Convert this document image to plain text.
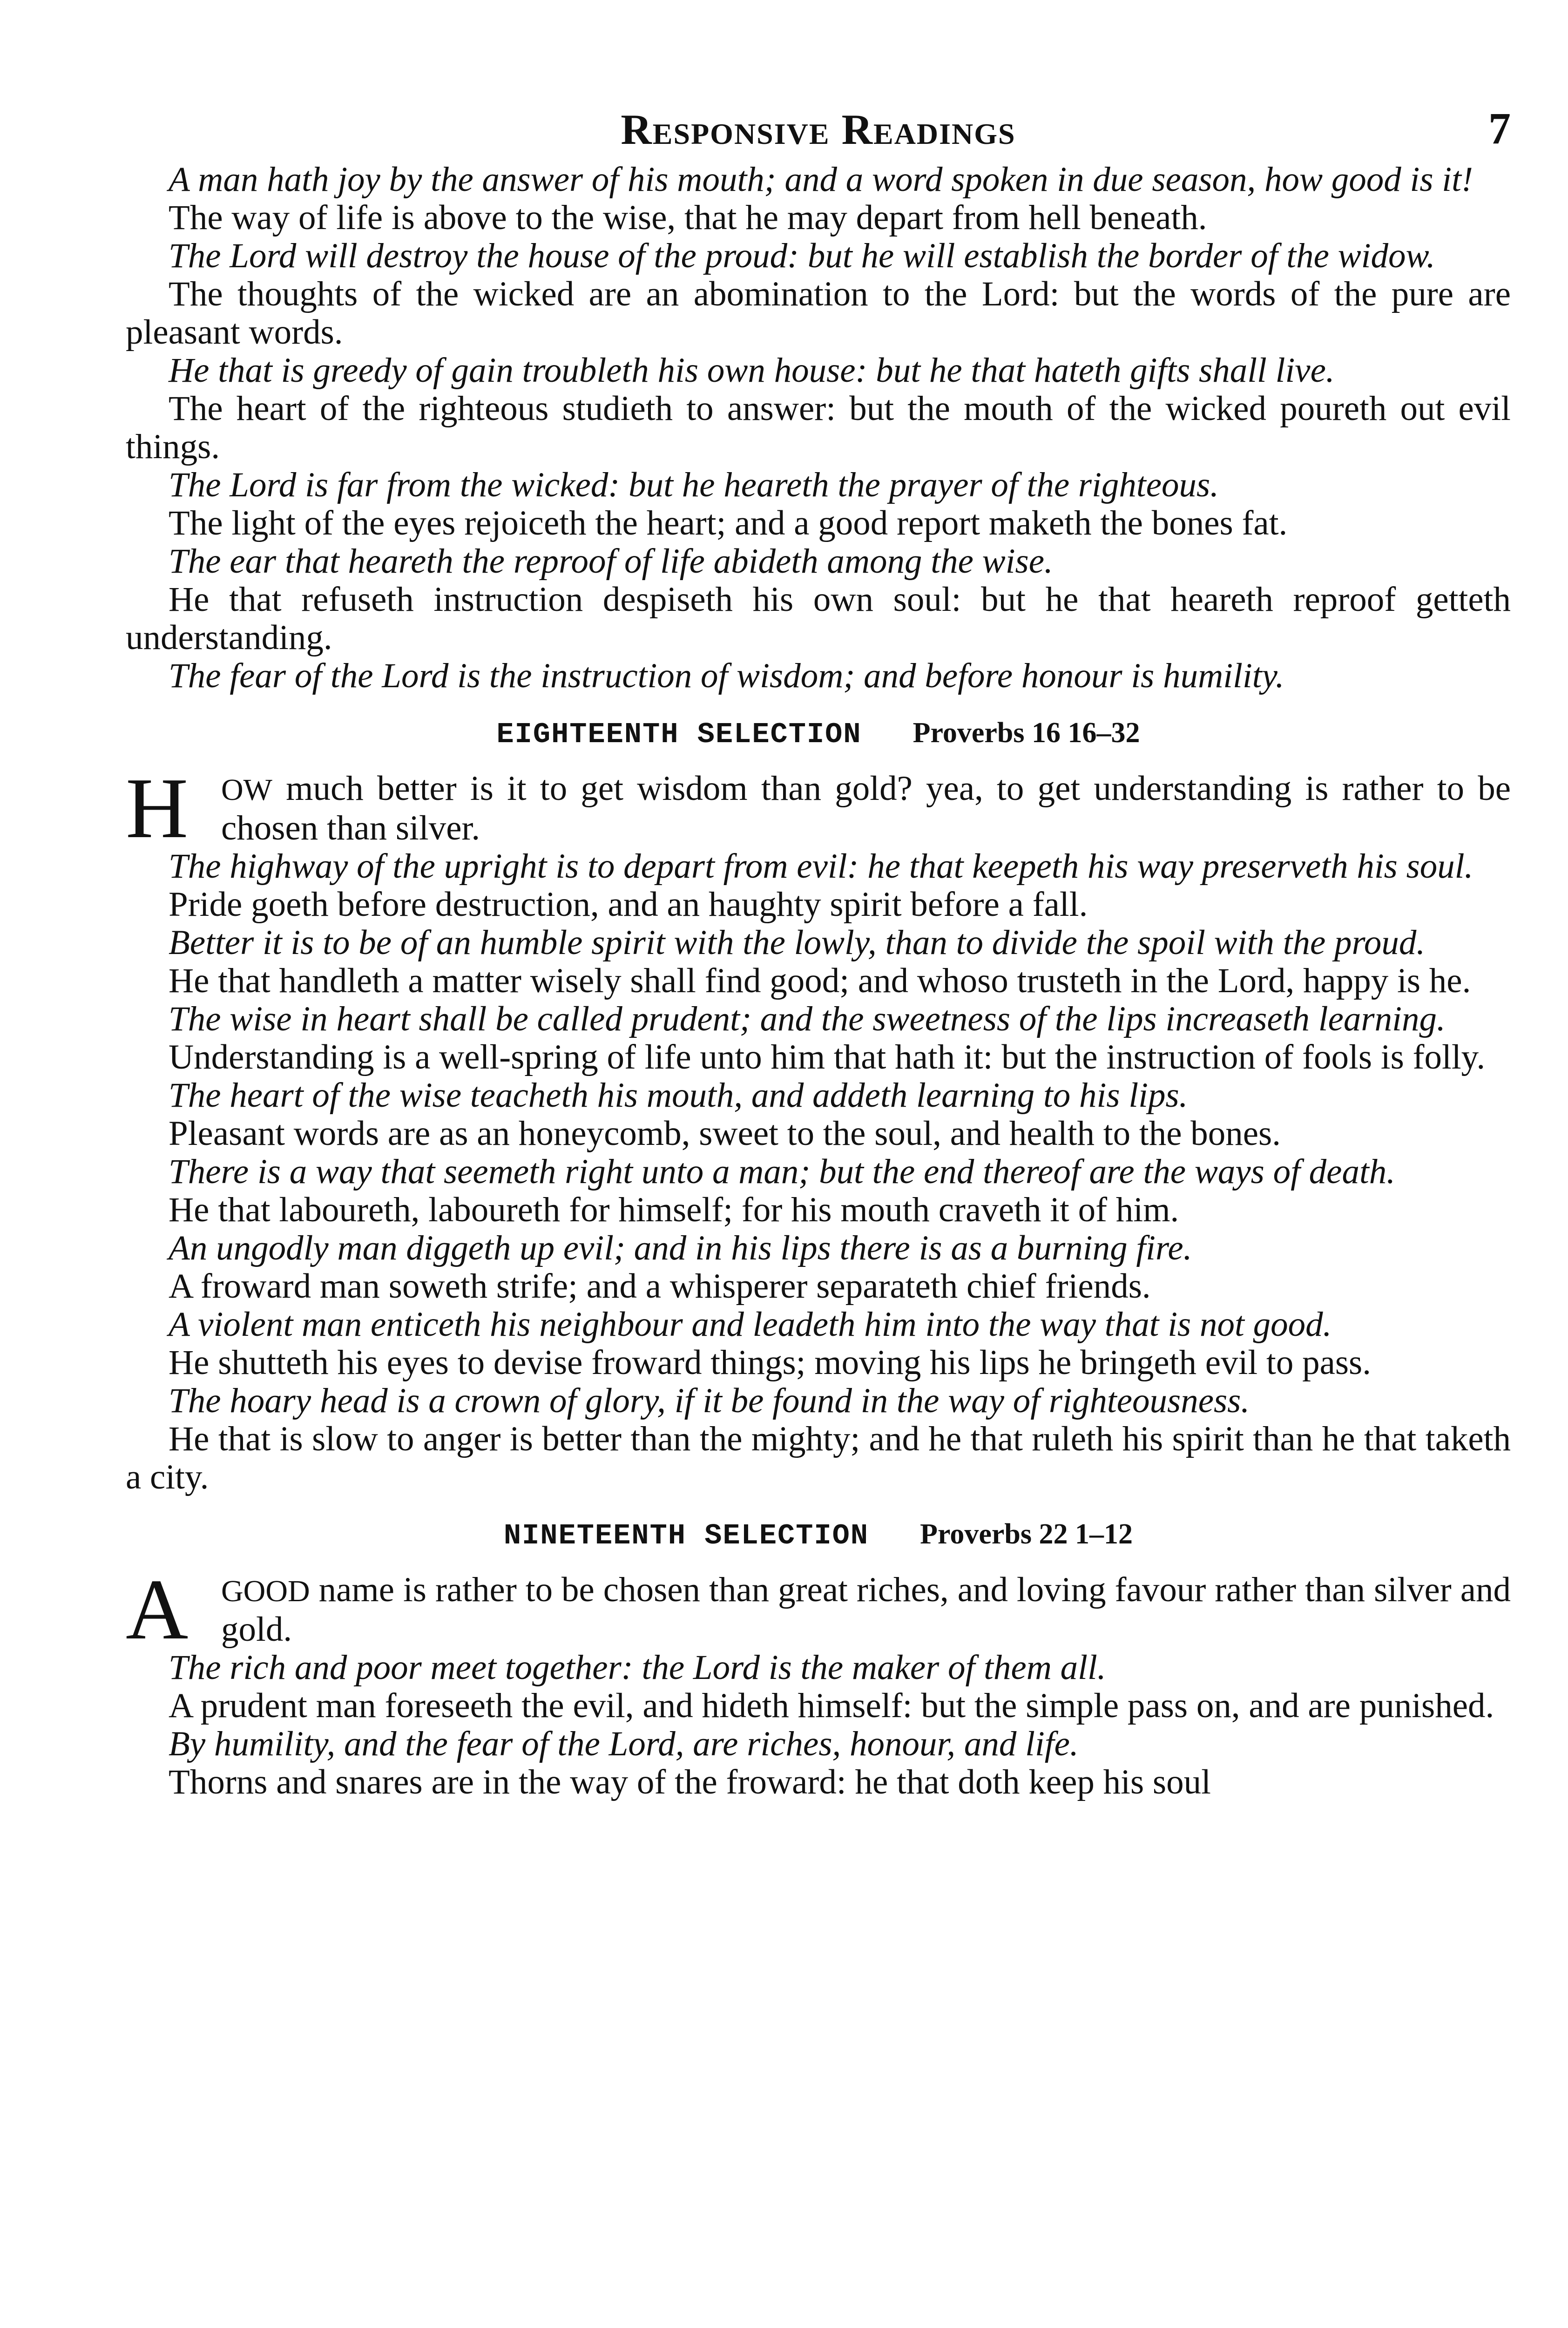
Responsive Readings	7

A man hath joy by the answer of his mouth; and a word spoken in due season, how good is it!

The way of life is above to the wise, that he may depart from hell beneath.

The Lord will destroy the house of the proud: but he will establish the border of the widow.

The thoughts of the wicked are an abomination to the Lord: but the words of the pure are pleasant words.

He that is greedy of gain troubleth his own house: but he that hateth gifts shall live.

The heart of the righteous studieth to answer: but the mouth of the wicked poureth out evil things.

The Lord is far from the wicked: but he heareth the prayer of the righteous.

The light of the eyes rejoiceth the heart; and a good report maketh the bones fat.

The ear that heareth the reproof of life abideth among the wise.

He that refuseth instruction despiseth his own soul: but he that heareth reproof getteth understanding.

The fear of the Lord is the instruction of wisdom; and before honour is humility.

EIGHTEENTH SELECTION Proverbs 16 16–32
H OW much better is it to get wisdom than gold? yea, to get understanding is rather to be chosen than silver.

The highway of the upright is to depart from evil: he that keepeth his way preserveth his soul.

Pride goeth before destruction, and an haughty spirit before a fall.

Better it is to be of an humble spirit with the lowly, than to divide the spoil with the proud.

He that handleth a matter wisely shall find good; and whoso trusteth in the Lord, happy is he.

The wise in heart shall be called prudent; and the sweetness of the lips increaseth learning.

Understanding is a well-spring of life unto him that hath it: but the instruction of fools is folly.

The heart of the wise teacheth his mouth, and addeth learning to his lips.

Pleasant words are as an honeycomb, sweet to the soul, and health to the bones.

There is a way that seemeth right unto a man; but the end thereof are the ways of death.

He that laboureth, laboureth for himself; for his mouth craveth it of him.

An ungodly man diggeth up evil; and in his lips there is as a burning fire.

A froward man soweth strife; and a whisperer separateth chief friends.

A violent man enticeth his neighbour and leadeth him into the way that is not good.

He shutteth his eyes to devise froward things; moving his lips he bringeth evil to pass.

The hoary head is a crown of glory, if it be found in the way of righteousness.

He that is slow to anger is better than the mighty; and he that ruleth his spirit than he that taketh a city.

NINETEENTH SELECTION Proverbs 22 1–12
A GOOD name is rather to be chosen than great riches, and loving favour rather than silver and gold.

The rich and poor meet together: the Lord is the maker of them all.

A prudent man foreseeth the evil, and hideth himself: but the simple pass on, and are punished.

By humility, and the fear of the Lord, are riches, honour, and life.

Thorns and snares are in the way of the froward: he that doth keep his soul
